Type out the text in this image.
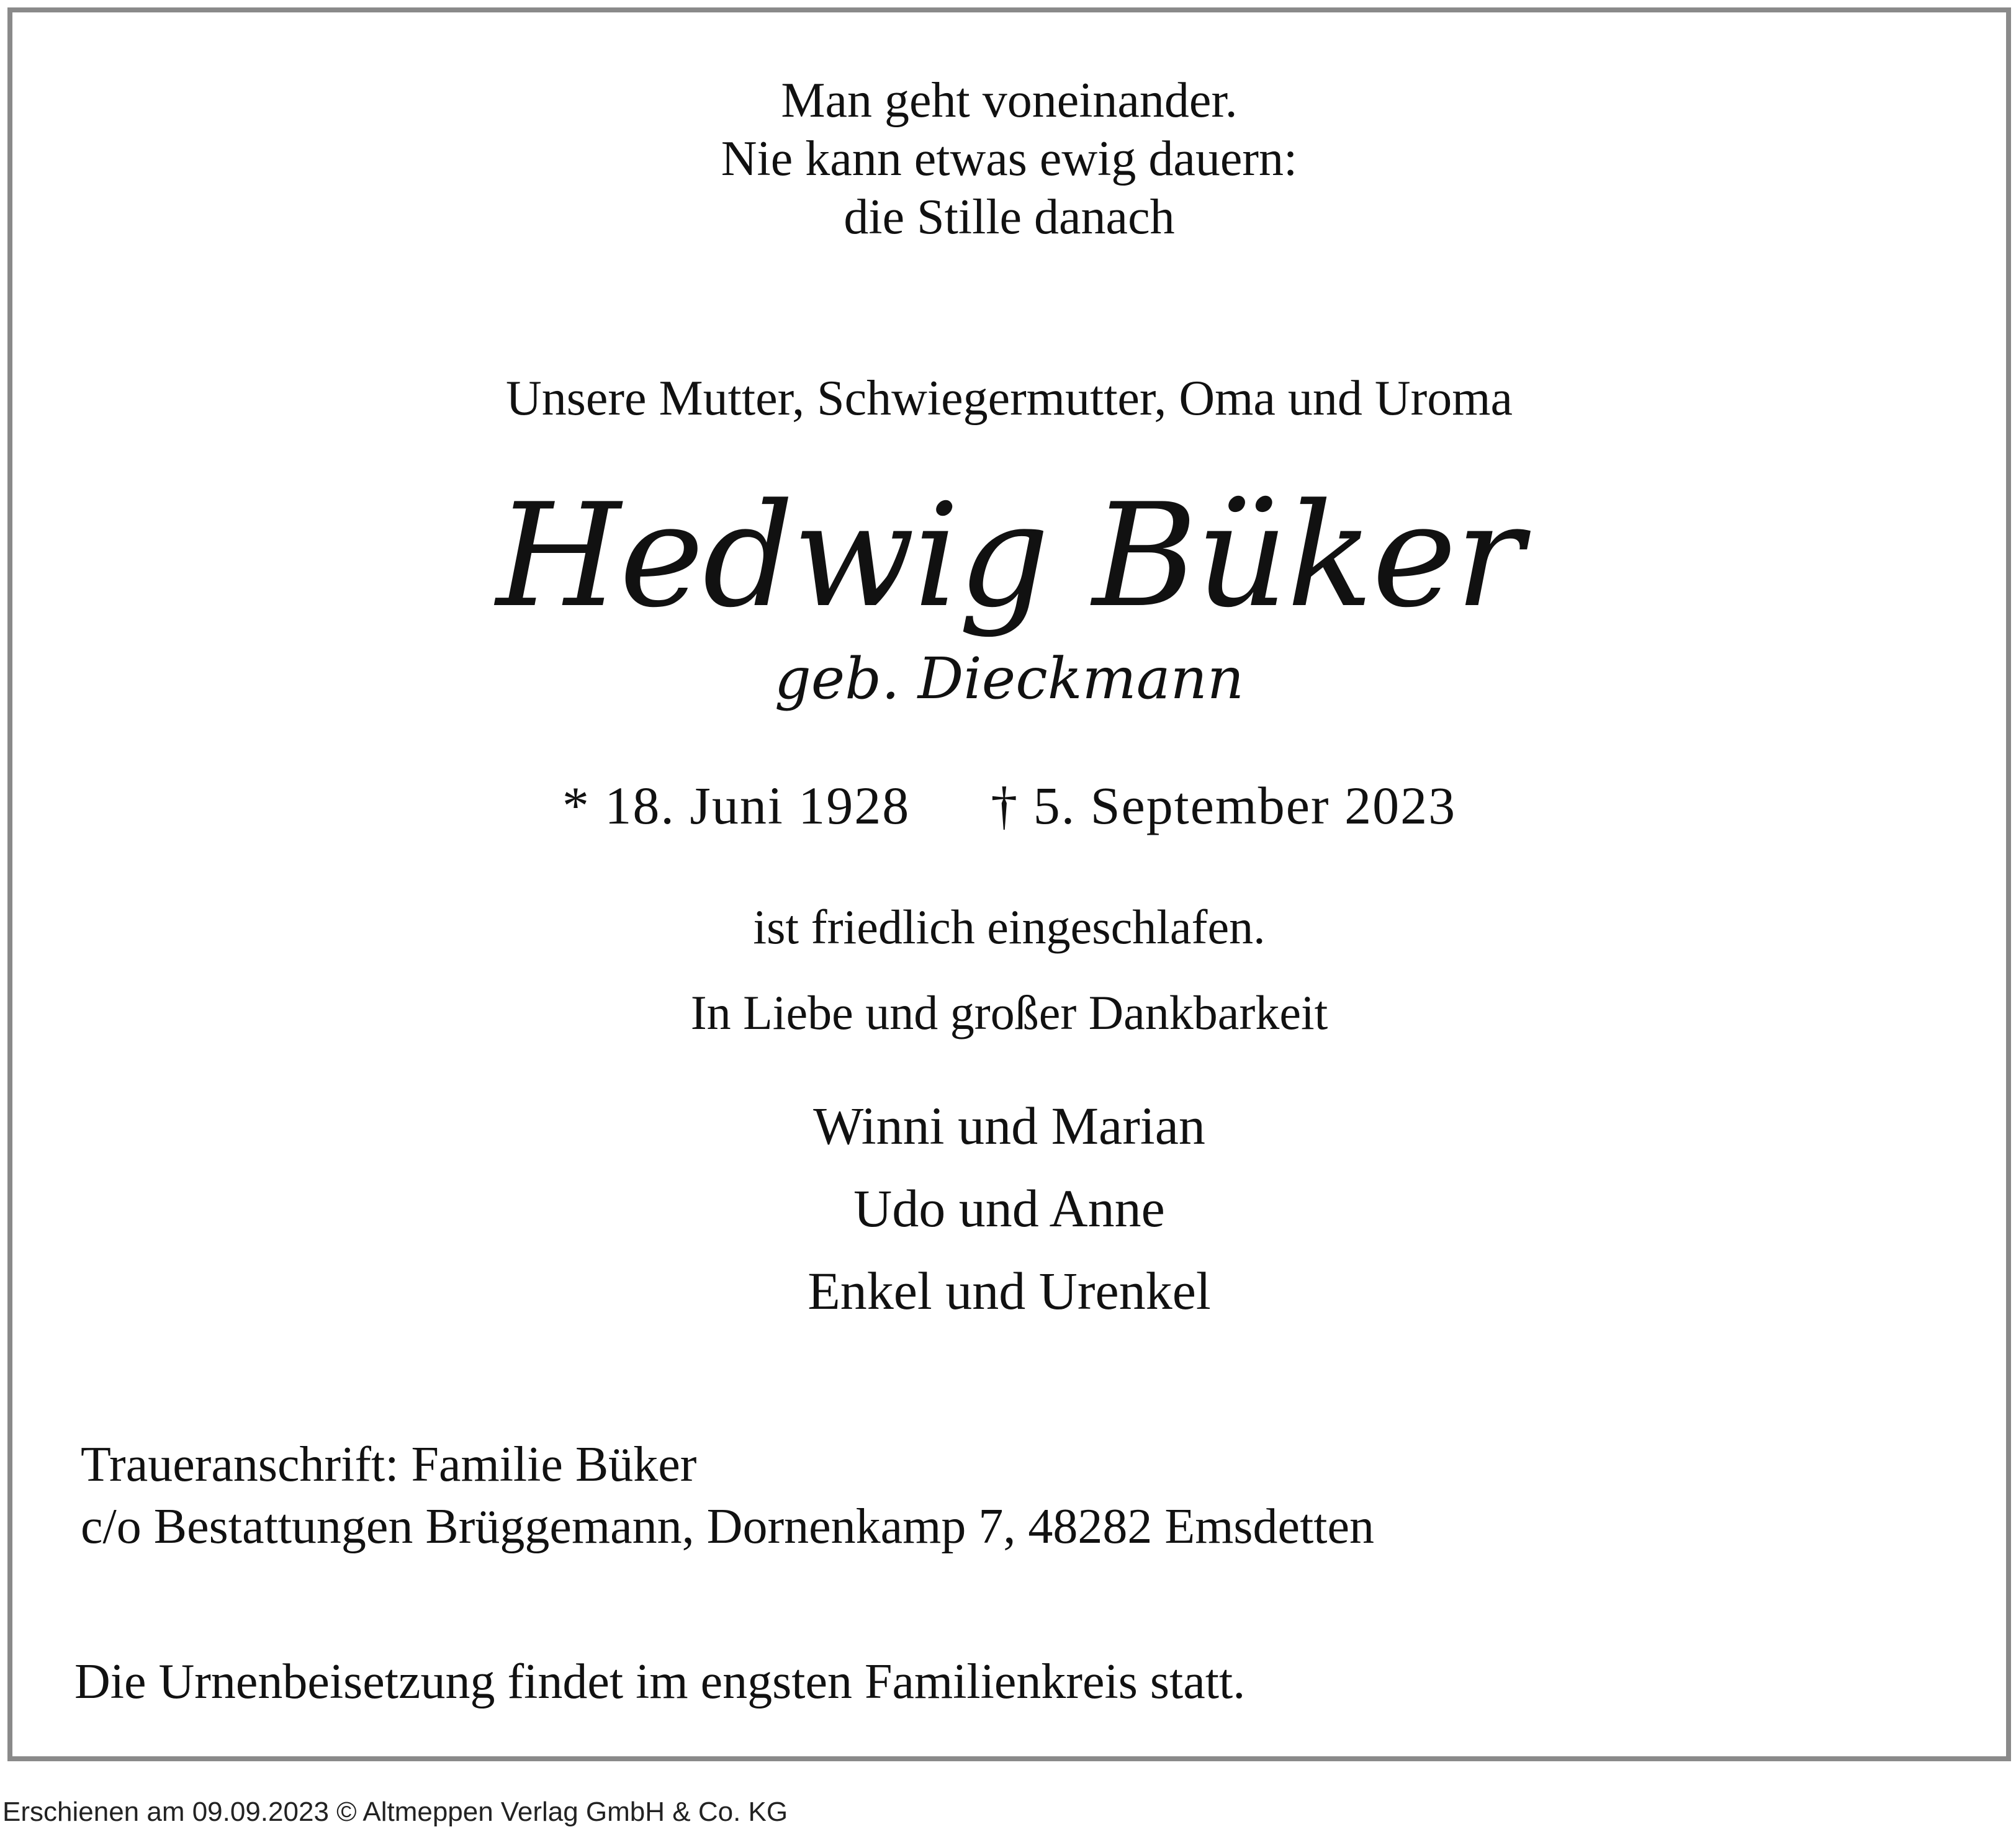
Man geht voneinander.
Nie kann etwas ewig dauern:
die Stille danach
Unsere Mutter, Schwiegermutter, Oma und Uroma
Hedwig Büker
geb. Dieckmann
* 18. Juni 1928 † 5. September 2023
ist friedlich eingeschlafen.
In Liebe und großer Dankbarkeit
Winni und Marian
Udo und Anne
Enkel und Urenkel
Traueranschrift: Familie Büker
c/o Bestattungen Brüggemann, Dornenkamp 7, 48282 Emsdetten
Die Urnenbeisetzung findet im engsten Familienkreis statt.
Erschienen am 09.09.2023 © Altmeppen Verlag GmbH & Co. KG
